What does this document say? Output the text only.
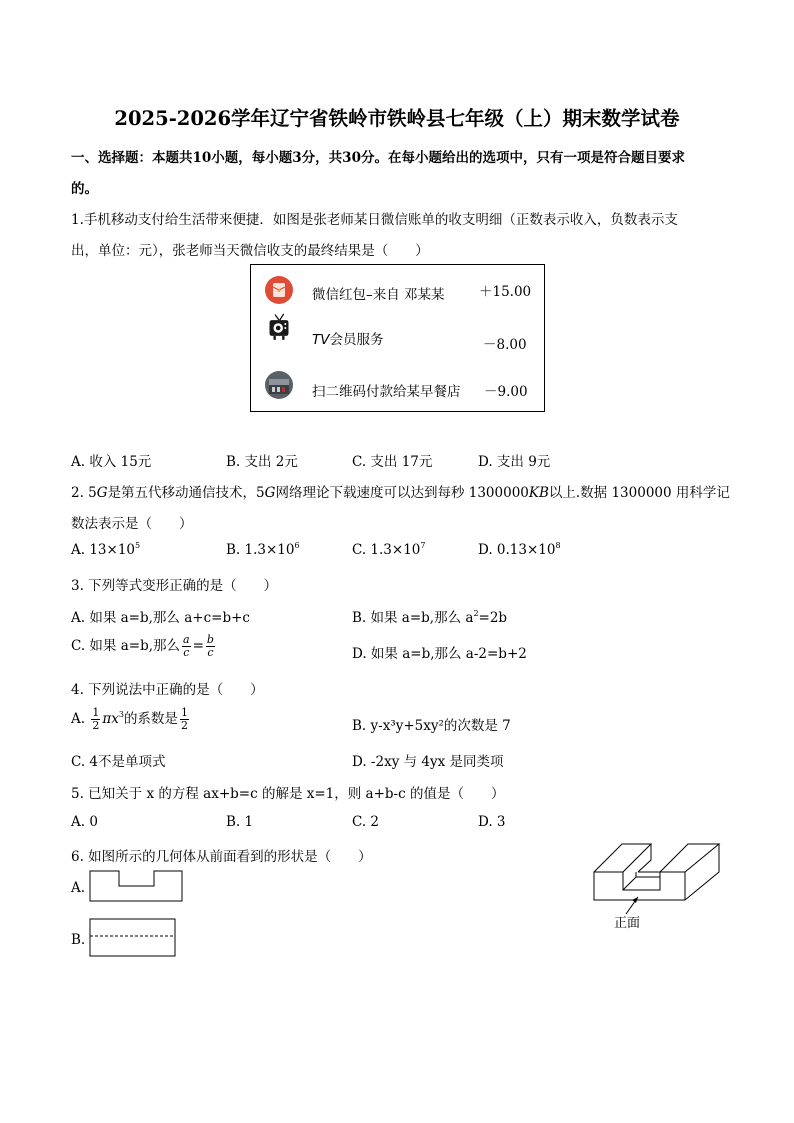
2025-2026学年辽宁省铁岭市铁岭县七年级（上）期末数学试卷
一、选择题：本题共10小题，每小题3分，共30分。在每小题给出的选项中，只有一项是符合题目要求
的。
1.手机移动支付给生活带来便捷．如图是张老师某日微信账单的收支明细（正数表示收入，负数表示支
出，单位：元），张老师当天微信收支的最终结果是（　　）
微信红包–来自 邓某某	＋15.00
TV会员服务	－8.00
扫二维码付款给某早餐店 －9.00
A. 收入 15元	B. 支出 2元	C. 支出 17元	D. 支出 9元
2. 5G是第五代移动通信技术，5G网络理论下载速度可以达到每秒 1300000KB以上.数据 1300000 用科学记
数法表示是（　　）
A. $13\times 10^5$	B. $1.3\times 10^6$	C. $1.3\times 10^7$	D. $0.13\times 10^8$
3. 下列等式变形正确的是（　　）
A. 如果 a=b,那么 a+c=b+c	B. 如果 a=b,那么 $a^2=2b$
C. 如果 a=b,那么 $\frac{a}{c} = \frac{b}{c}$	D. 如果 a=b,那么 a-2=b+2
4. 下列说法中正确的是（　　）
A. $\frac{1}{2} \pi x^3$的系数是 $\frac{1}{2}$	B. y-x³y+5xy²的次数是 7
C. 4不是单项式	D. -2xy 与 4yx 是同类项
5. 已知关于 x 的方程 ax+b=c 的解是 x=1，则 a+b-c 的值是（　　）
A. 0	B. 1	C. 2	D. 3
6. 如图所示的几何体从前面看到的形状是（　　）
A.
B.
正面
